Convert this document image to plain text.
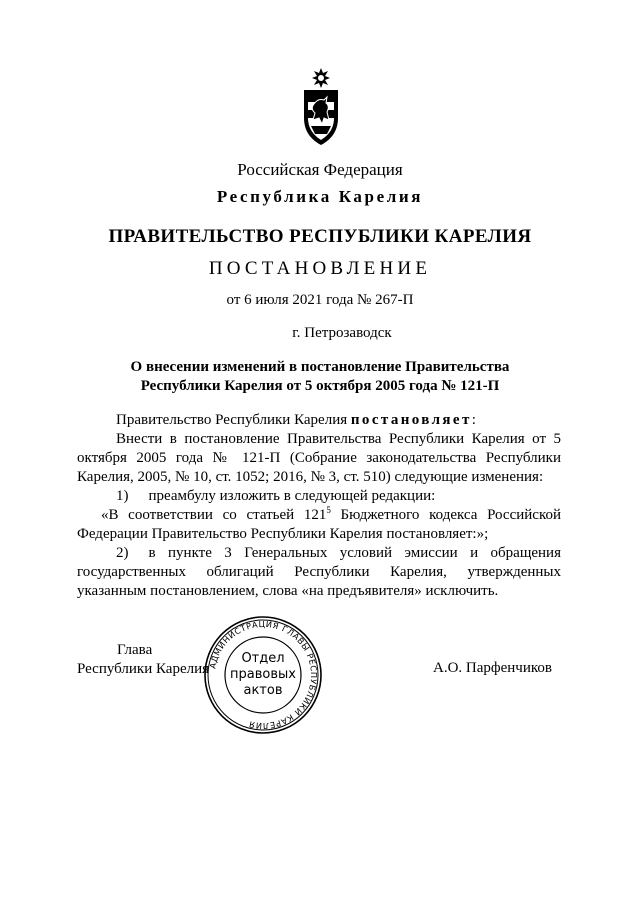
Российская Федерация
Республика Карелия
ПРАВИТЕЛЬСТВО РЕСПУБЛИКИ КАРЕЛИЯ
ПОСТАНОВЛЕНИЕ
от 6 июля 2021 года № 267-П
г. Петрозаводск
О внесении изменений в постановление Правительства
Республики Карелия от 5 октября 2005 года № 121-П

Правительство Республики Карелия постановляет:

Внести в постановление Правительства Республики Карелия от 5 октября 2005 года № 121-П (Собрание законодательства Республики Карелия, 2005, № 10, ст. 1052; 2016, № 3, ст. 510) следующие изменения:

1) преамбулу изложить в следующей редакции:

«В соответствии со статьей $121^5$ Бюджетного кодекса Российской Федерации Правительство Республики Карелия постановляет:»;

2) в пункте 3 Генеральных условий эмиссии и обращения государственных облигаций Республики Карелия, утвержденных указанным постановлением, слова «на предъявителя» исключить.

Глава
Республики Карелия
АДМИНИСТРАЦИЯ ГЛАВЫ РЕСПУБЛИКИ КАРЕЛИЯ
Отдел
правовых
актов
А.О. Парфенчиков
